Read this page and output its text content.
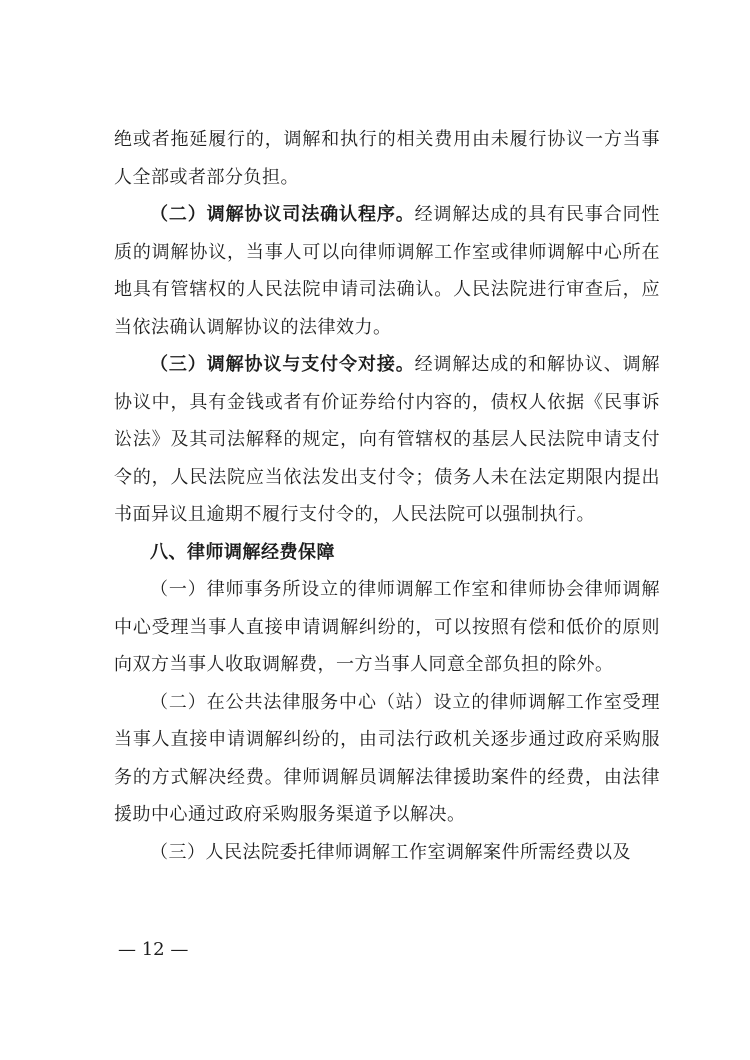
绝或者拖延履行的，调解和执行的相关费用由未履行协议一方当事人全部或者部分负担。

（二）调解协议司法确认程序。经调解达成的具有民事合同性质的调解协议，当事人可以向律师调解工作室或律师调解中心所在地具有管辖权的人民法院申请司法确认。人民法院进行审查后，应当依法确认调解协议的法律效力。

（三）调解协议与支付令对接。经调解达成的和解协议、调解协议中，具有金钱或者有价证券给付内容的，债权人依据《民事诉讼法》及其司法解释的规定，向有管辖权的基层人民法院申请支付令的，人民法院应当依法发出支付令；债务人未在法定期限内提出书面异议且逾期不履行支付令的，人民法院可以强制执行。

八、律师调解经费保障

（一）律师事务所设立的律师调解工作室和律师协会律师调解中心受理当事人直接申请调解纠纷的，可以按照有偿和低价的原则向双方当事人收取调解费，一方当事人同意全部负担的除外。

（二）在公共法律服务中心（站）设立的律师调解工作室受理当事人直接申请调解纠纷的，由司法行政机关逐步通过政府采购服务的方式解决经费。律师调解员调解法律援助案件的经费，由法律援助中心通过政府采购服务渠道予以解决。

（三）人民法院委托律师调解工作室调解案件所需经费以及

— 12 —
